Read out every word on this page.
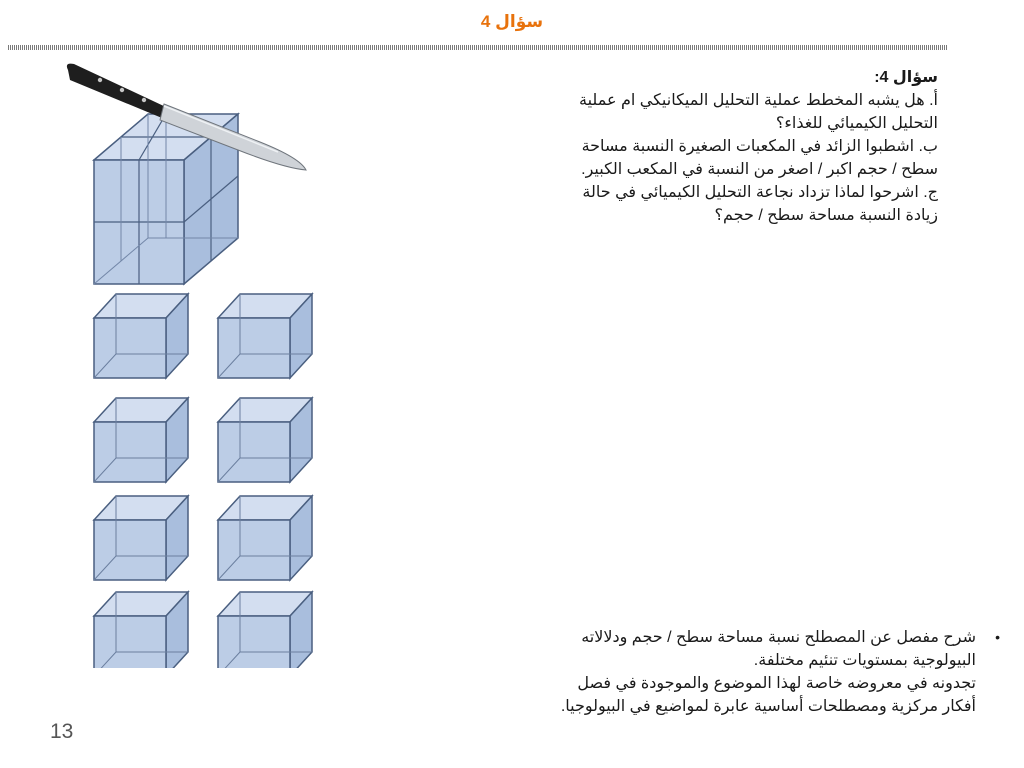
سؤال 4
سؤال 4:
أ. هل يشبه المخطط عملية التحليل الميكانيكي ام عملية
التحليل الكيميائي للغذاء؟
ب. اشطبوا الزائد في المكعبات الصغيرة النسبة مساحة
سطح / حجم اكبر / اصغر من النسبة في المكعب الكبير.
ج. اشرحوا لماذا تزداد نجاعة التحليل الكيميائي في حالة
زيادة النسبة مساحة سطح / حجم؟
•
شرح مفصل عن المصطلح نسبة مساحة سطح / حجم ودلالاته
البيولوجية بمستويات تنئيم مختلفة.
تجدونه في معروضه خاصة لهذا الموضوع والموجودة في فصل
أفكار مركزية ومصطلحات أساسية عابرة لمواضيع في البيولوجيا.
13
